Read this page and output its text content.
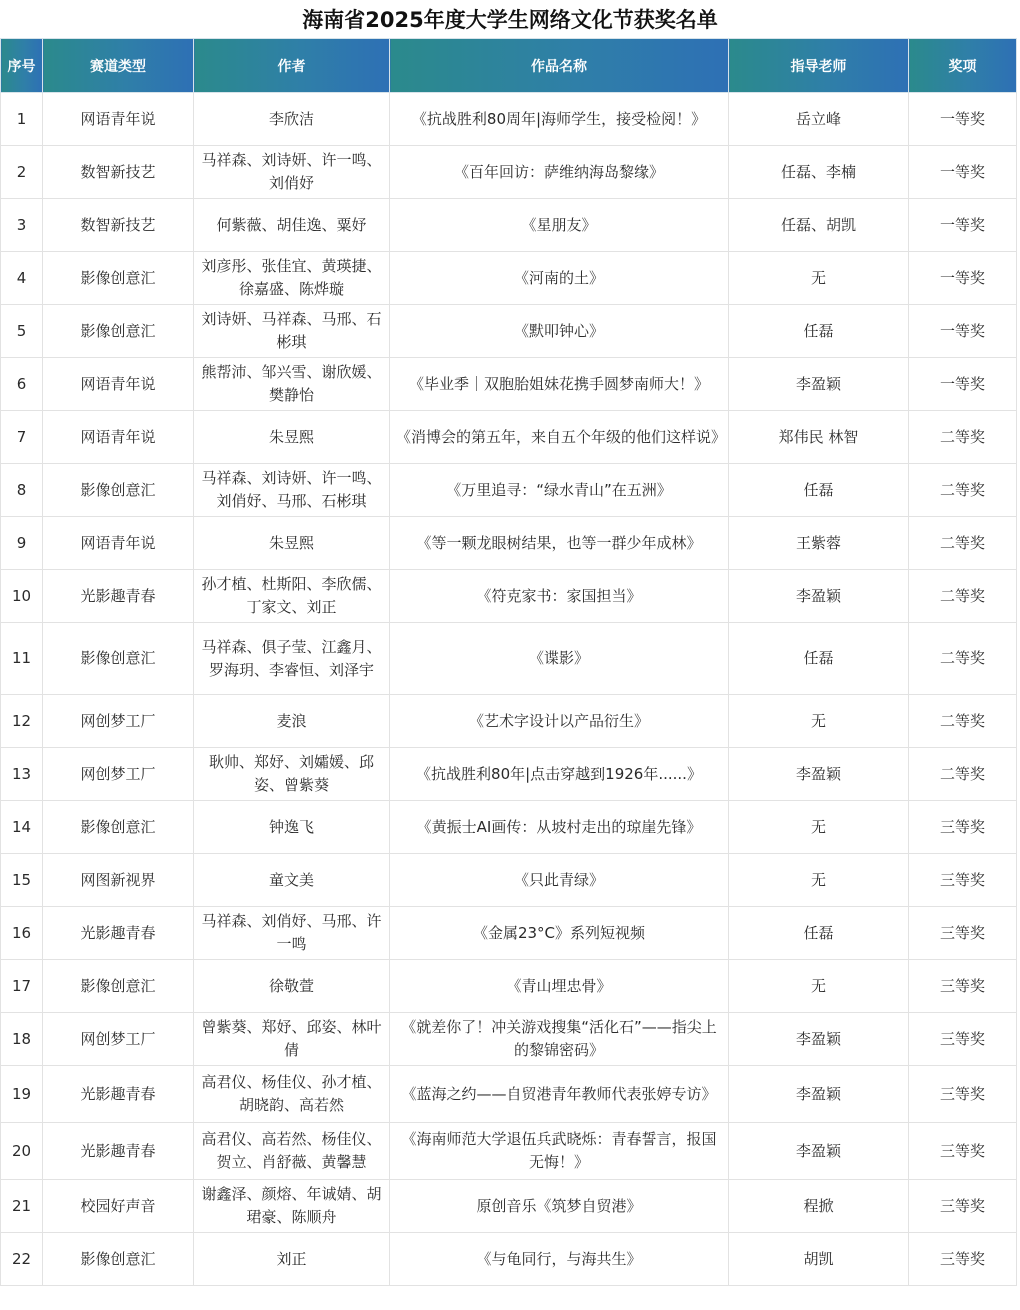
海南省2025年度大学生网络文化节获奖名单
序号	赛道类型	作者	作品名称	指导老师	奖项
1	网语青年说	李欣洁	《抗战胜利80周年|海师学生，接受检阅！》	岳立峰	一等奖
2	数智新技艺	马祥森、刘诗妍、许一鸣、刘俏妤	《百年回访：萨维纳海岛黎缘》	任磊、李楠	一等奖
3	数智新技艺	何紫薇、胡佳逸、粟妤	《星朋友》	任磊、胡凯	一等奖
4	影像创意汇	刘彦彤、张佳宜、黄瑛捷、徐嘉盛、陈烨璇	《河南的土》	无	一等奖
5	影像创意汇	刘诗妍、马祥森、马邢、石彬琪	《默叩钟心》	任磊	一等奖
6	网语青年说	熊帮沛、邹兴雪、谢欣媛、樊静怡	《毕业季｜双胞胎姐妹花携手圆梦南师大！》	李盈颖	一等奖
7	网语青年说	朱昱熙	《消博会的第五年，来自五个年级的他们这样说》	郑伟民 林智	二等奖
8	影像创意汇	马祥森、刘诗妍、许一鸣、刘俏妤、马邢、石彬琪	《万里追寻：“绿水青山”在五洲》	任磊	二等奖
9	网语青年说	朱昱熙	《等一颗龙眼树结果，也等一群少年成林》	王紫蓉	二等奖
10	光影趣青春	孙才植、杜斯阳、李欣儒、丁家文、刘正	《符克家书：家国担当》	李盈颖	二等奖
11	影像创意汇	马祥森、俱子莹、江鑫月、罗海玥、李睿恒、刘泽宇	《谍影》	任磊	二等奖
12	网创梦工厂	麦浪	《艺术字设计以产品衍生》	无	二等奖
13	网创梦工厂	耿帅、郑妤、刘孀媛、邱姿、曾紫葵	《抗战胜利80年|点击穿越到1926年......》	李盈颖	二等奖
14	影像创意汇	钟逸飞	《黄振士AI画传：从坡村走出的琼崖先锋》	无	三等奖
15	网图新视界	童文美	《只此青绿》	无	三等奖
16	光影趣青春	马祥森、刘俏妤、马邢、许一鸣	《金属23°C》系列短视频	任磊	三等奖
17	影像创意汇	徐敬萱	《青山埋忠骨》	无	三等奖
18	网创梦工厂	曾紫葵、郑妤、邱姿、林叶倩	《就差你了！冲关游戏搜集“活化石”——指尖上的黎锦密码》	李盈颖	三等奖
19	光影趣青春	高君仪、杨佳仪、孙才植、胡晓韵、高若然	《蓝海之约——自贸港青年教师代表张婷专访》	李盈颖	三等奖
20	光影趣青春	高君仪、高若然、杨佳仪、贺立、肖舒薇、黄馨慧	《海南师范大学退伍兵武晓烁：青春誓言，报国无悔！》	李盈颖	三等奖
21	校园好声音	谢鑫泽、颜熔、年诚婧、胡珺豪、陈顺舟	原创音乐《筑梦自贸港》	程掀	三等奖
22	影像创意汇	刘正	《与龟同行，与海共生》	胡凯	三等奖
